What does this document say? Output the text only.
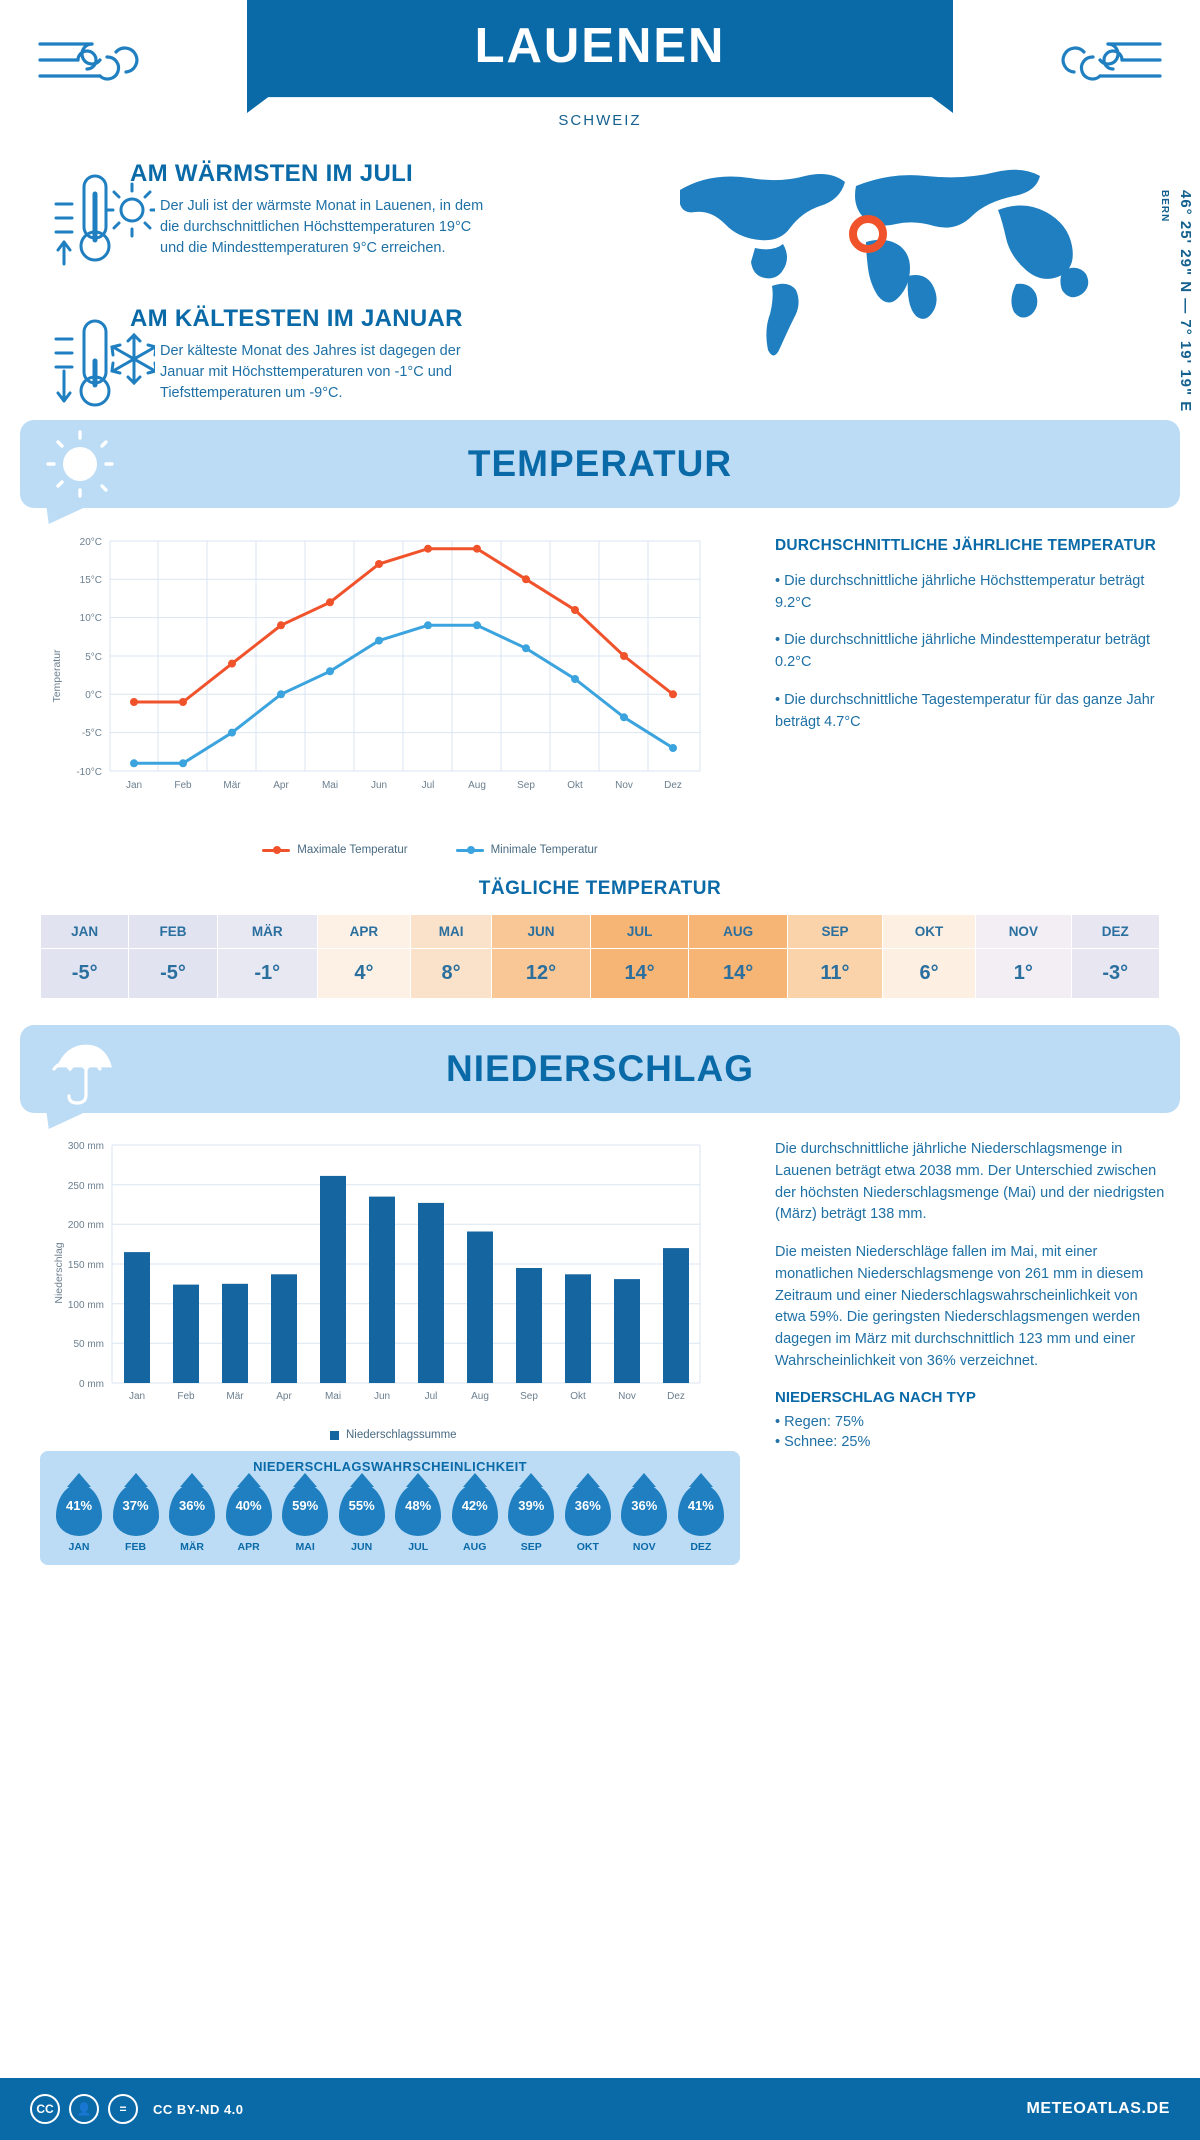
LAUENEN
SCHWEIZ
AM WÄRMSTEN IM JULI

Der Juli ist der wärmste Monat in Lauenen, in dem die durchschnittlichen Höchsttemperaturen 19°C und die Mindesttemperaturen 9°C erreichen.

AM KÄLTESTEN IM JANUAR

Der kälteste Monat des Jahres ist dagegen der Januar mit Höchsttemperaturen von -1°C und Tiefsttemperaturen um -9°C.

BERN 46° 25' 29" N — 7° 19' 19" E
TEMPERATUR
20°C
15°C
10°C
5°C
0°C
-5°C
-10°C
Jan	Feb	Mär	Apr	Mai	Jun	Jul	Aug	Sep	Okt	Nov	Dez
Temperatur
Maximale Temperatur	Minimale Temperatur
DURCHSCHNITTLICHE JÄHRLICHE TEMPERATUR

• Die durchschnittliche jährliche Höchsttemperatur beträgt 9.2°C

• Die durchschnittliche jährliche Mindesttemperatur beträgt 0.2°C

• Die durchschnittliche Tagestemperatur für das ganze Jahr beträgt 4.7°C

TÄGLICHE TEMPERATUR
JAN	FEB	MÄR	APR	MAI	JUN	JUL	AUG	SEP	OKT	NOV	DEZ
-5°	-5°	-1°	4°	8°	12°	14°	14°	11°	6°	1°	-3°
NIEDERSCHLAG
300 mm
250 mm
200 mm
150 mm
100 mm
50 mm
0 mm
Niederschlag
Jan	Feb	Mär	Apr	Mai	Jun	Jul	Aug	Sep	Okt	Nov	Dez
Niederschlagssumme
NIEDERSCHLAGSWAHRSCHEINLICHKEIT
41%
JAN
37%
FEB
36%
MÄR
40%
APR
59%
MAI
55%
JUN
48%
JUL
42%
AUG
39%
SEP
36%
OKT
36%
NOV
41%
DEZ

Die durchschnittliche jährliche Niederschlagsmenge in Lauenen beträgt etwa 2038 mm. Der Unterschied zwischen der höchsten Niederschlagsmenge (Mai) und der niedrigsten (März) beträgt 138 mm.

Die meisten Niederschläge fallen im Mai, mit einer monatlichen Niederschlagsmenge von 261 mm in diesem Zeitraum und einer Niederschlagswahrscheinlichkeit von etwa 59%. Die geringsten Niederschlagsmengen werden dagegen im März mit durchschnittlich 123 mm und einer Wahrscheinlichkeit von 36% verzeichnet.

NIEDERSCHLAG NACH TYP

• Regen: 75%

• Schnee: 25%

CC	👤	=	CC BY-ND 4.0	METEOATLAS.DE
